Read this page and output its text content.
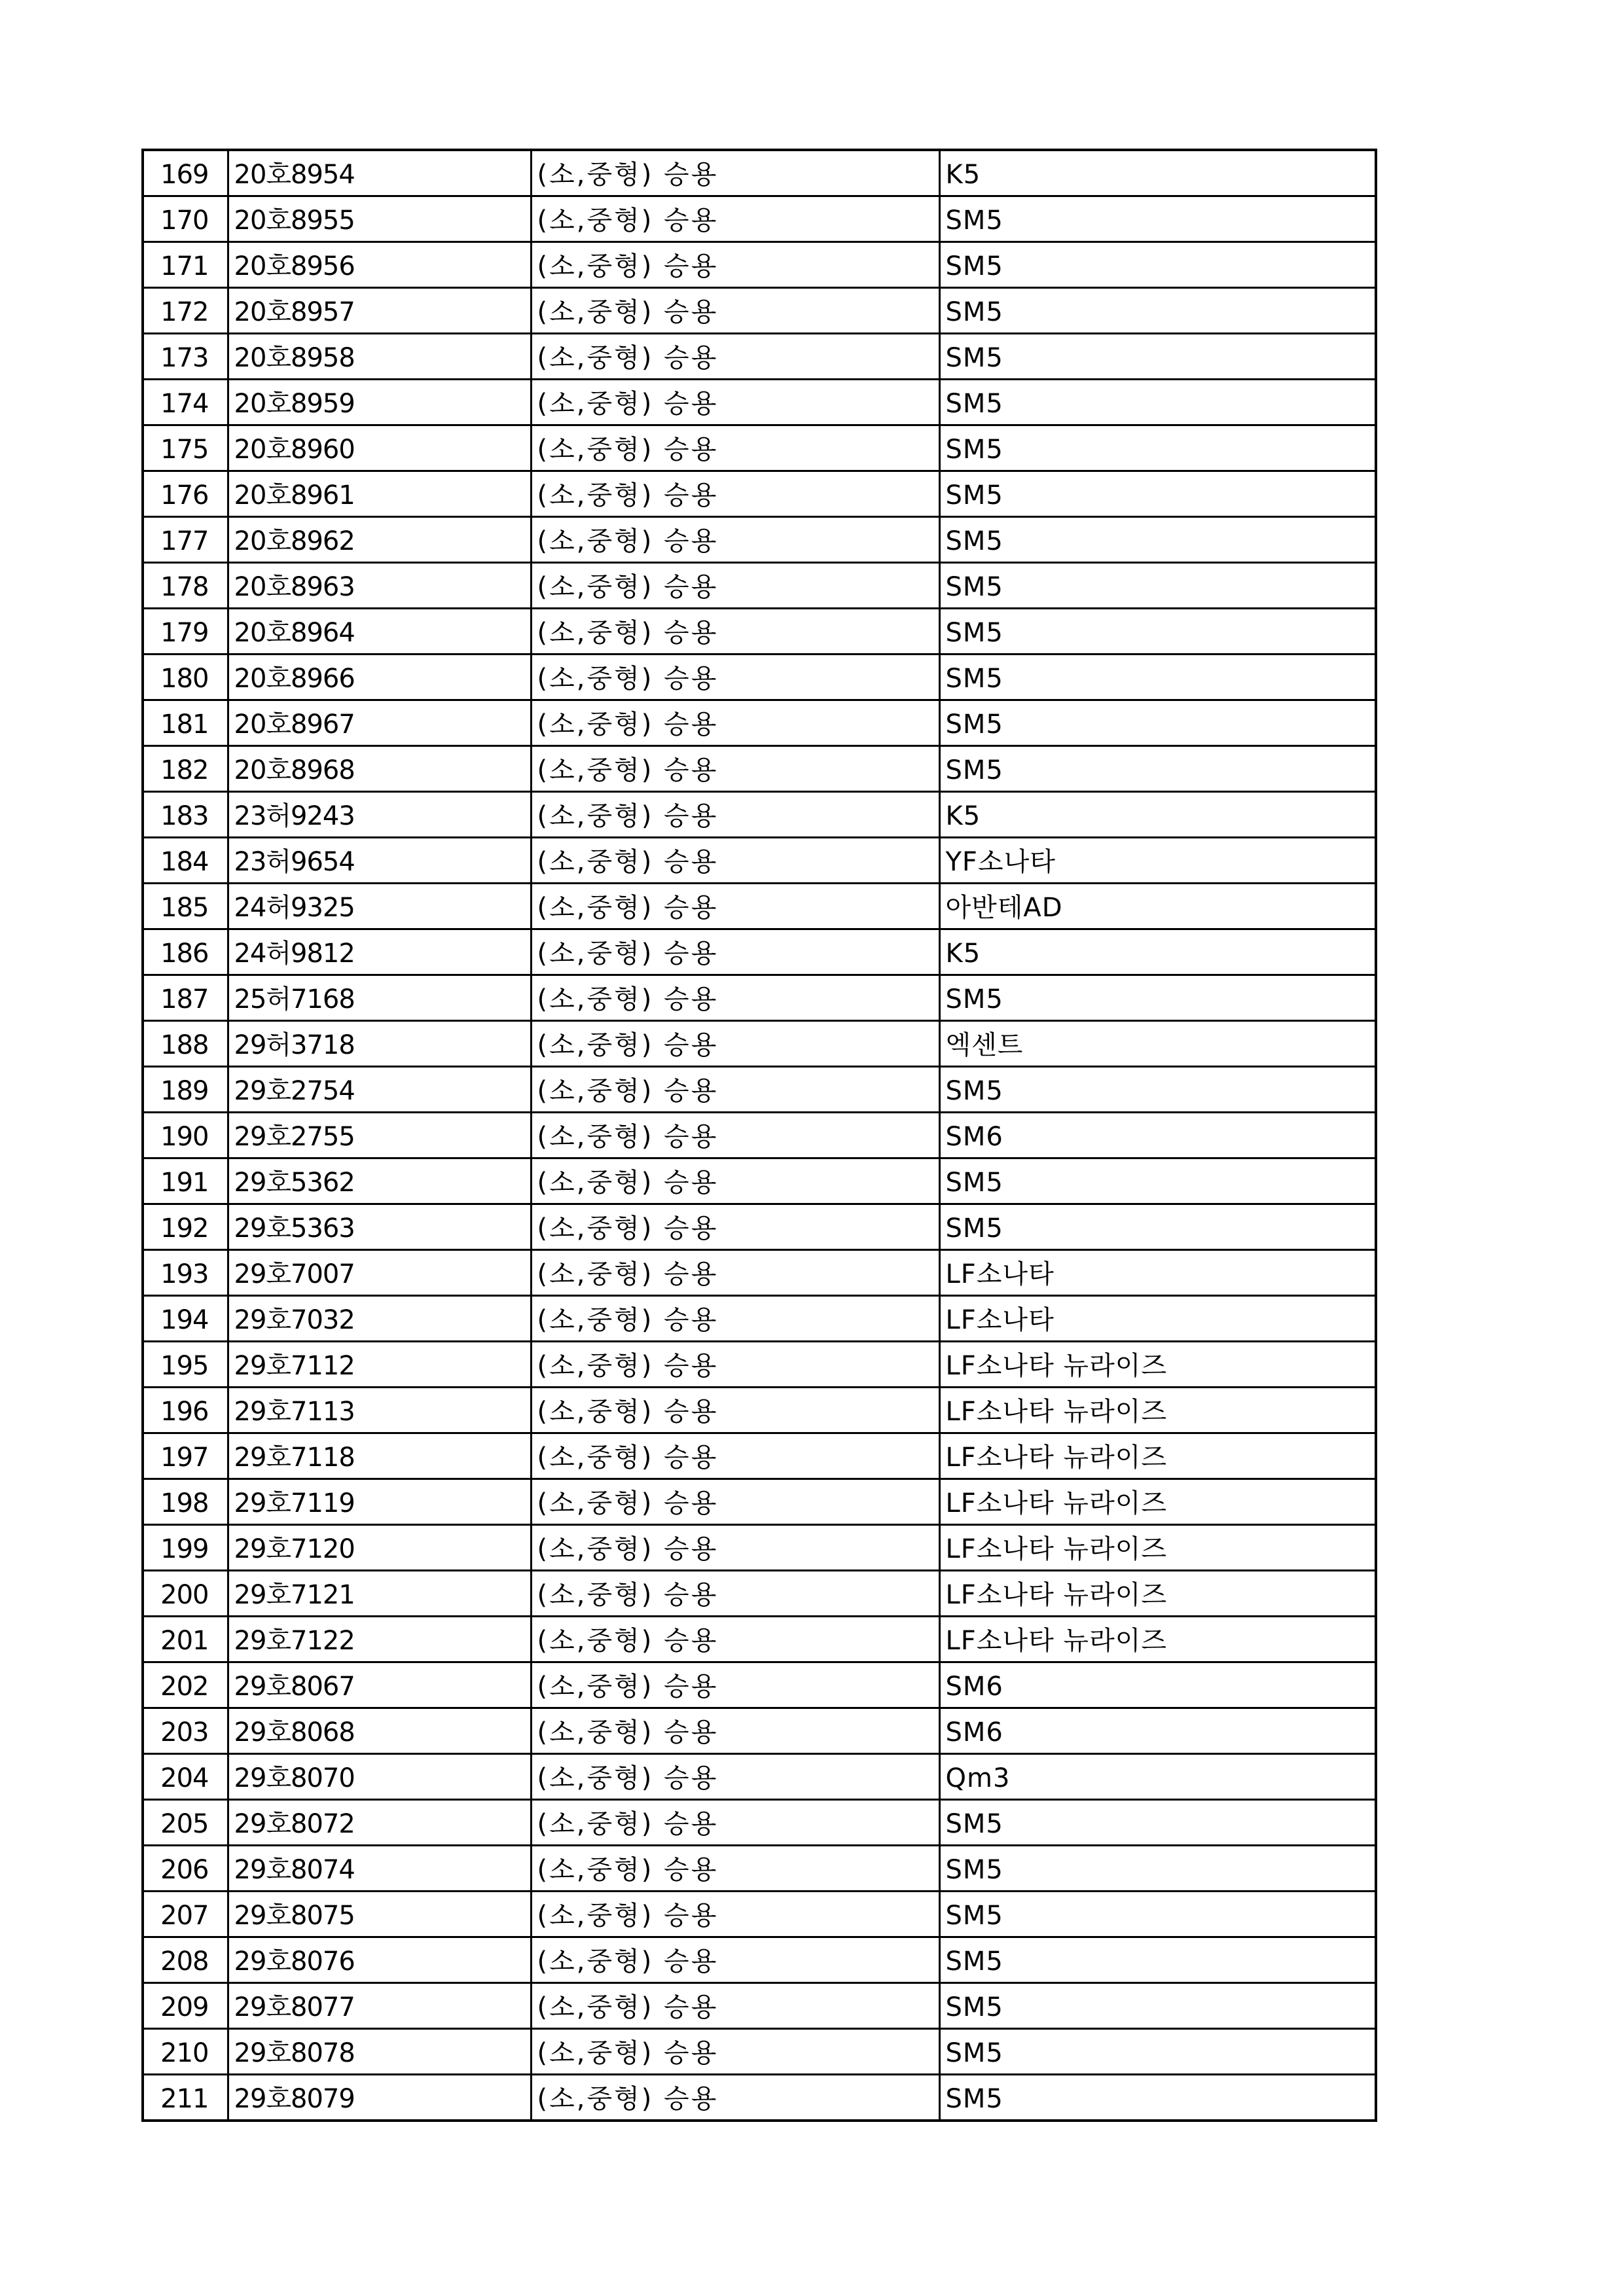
169	20호8954	(소,중형) 승용	K5
170	20호8955	(소,중형) 승용	SM5
171	20호8956	(소,중형) 승용	SM5
172	20호8957	(소,중형) 승용	SM5
173	20호8958	(소,중형) 승용	SM5
174	20호8959	(소,중형) 승용	SM5
175	20호8960	(소,중형) 승용	SM5
176	20호8961	(소,중형) 승용	SM5
177	20호8962	(소,중형) 승용	SM5
178	20호8963	(소,중형) 승용	SM5
179	20호8964	(소,중형) 승용	SM5
180	20호8966	(소,중형) 승용	SM5
181	20호8967	(소,중형) 승용	SM5
182	20호8968	(소,중형) 승용	SM5
183	23허9243	(소,중형) 승용	K5
184	23허9654	(소,중형) 승용	YF소나타
185	24허9325	(소,중형) 승용	아반테AD
186	24허9812	(소,중형) 승용	K5
187	25허7168	(소,중형) 승용	SM5
188	29허3718	(소,중형) 승용	엑센트
189	29호2754	(소,중형) 승용	SM5
190	29호2755	(소,중형) 승용	SM6
191	29호5362	(소,중형) 승용	SM5
192	29호5363	(소,중형) 승용	SM5
193	29호7007	(소,중형) 승용	LF소나타
194	29호7032	(소,중형) 승용	LF소나타
195	29호7112	(소,중형) 승용	LF소나타 뉴라이즈
196	29호7113	(소,중형) 승용	LF소나타 뉴라이즈
197	29호7118	(소,중형) 승용	LF소나타 뉴라이즈
198	29호7119	(소,중형) 승용	LF소나타 뉴라이즈
199	29호7120	(소,중형) 승용	LF소나타 뉴라이즈
200	29호7121	(소,중형) 승용	LF소나타 뉴라이즈
201	29호7122	(소,중형) 승용	LF소나타 뉴라이즈
202	29호8067	(소,중형) 승용	SM6
203	29호8068	(소,중형) 승용	SM6
204	29호8070	(소,중형) 승용	Qm3
205	29호8072	(소,중형) 승용	SM5
206	29호8074	(소,중형) 승용	SM5
207	29호8075	(소,중형) 승용	SM5
208	29호8076	(소,중형) 승용	SM5
209	29호8077	(소,중형) 승용	SM5
210	29호8078	(소,중형) 승용	SM5
211	29호8079	(소,중형) 승용	SM5
